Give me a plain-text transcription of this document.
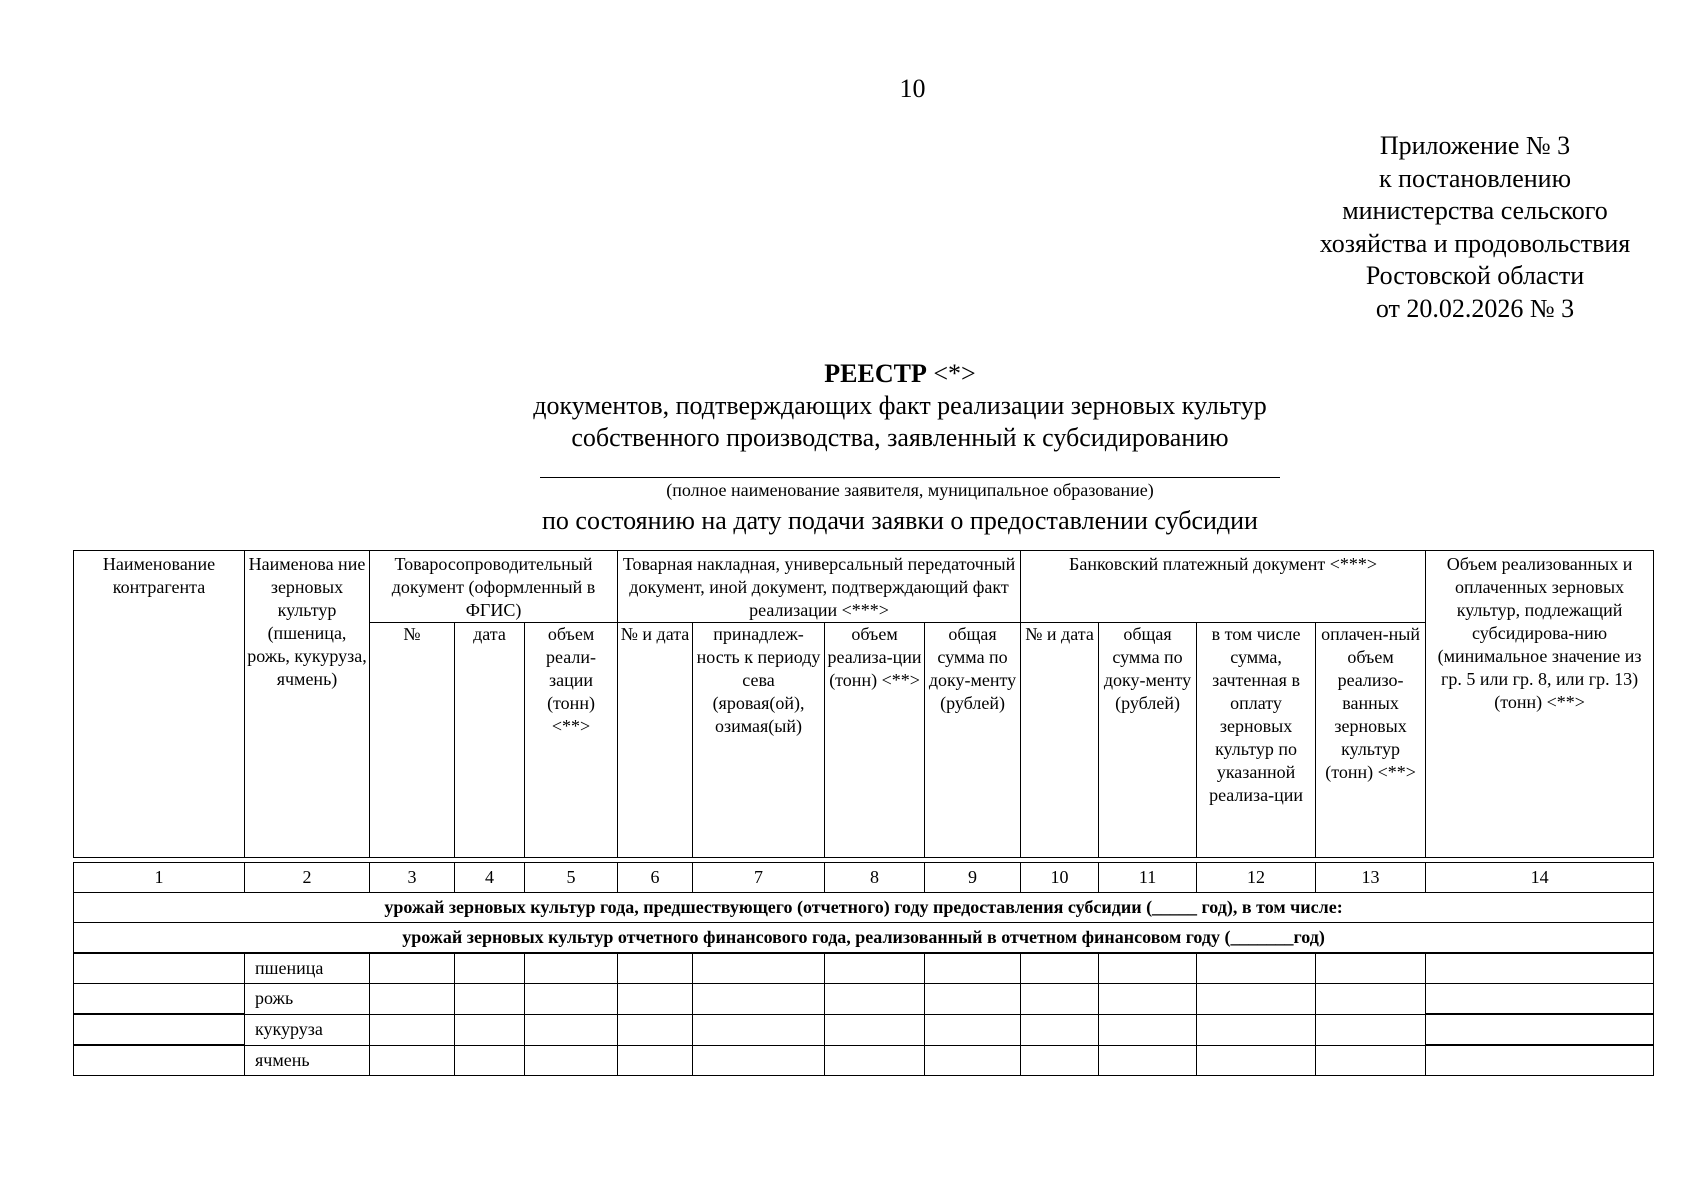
10
Приложение № 3
к постановлению
министерства сельского
хозяйства и продовольствия
Ростовской области
от 20.02.2026 № 3
РЕЕСТР <*>
документов, подтверждающих факт реализации зерновых культур
собственного производства, заявленный к субсидированию
(полное наименование заявителя, муниципальное образование)
по состоянию на дату подачи заявки о предоставлении субсидии
Наименование контрагента	Наименова ние зерновых культур (пшеница, рожь, кукуруза, ячмень)	Товаросопроводительный документ (оформленный в ФГИС)			Товарная накладная, универсальный передаточный документ, иной документ, подтверждающий факт реализации <***>				Банковский платежный документ <***>				Объем реализованных и оплаченных зерновых культур, подлежащий субсидирова-нию (минимальное значение из гр. 5 или гр. 8, или гр. 13) (тонн) <**>
		№	дата	объем реали-зации (тонн) <**>	№ и дата	принадлеж-ность к периоду сева (яровая(ой), озимая(ый)	объем реализа-ции (тонн) <**>	общая сумма по доку-менту (рублей)	№ и дата	общая сумма по доку-менту (рублей)	в том числе сумма, зачтенная в оплату зерновых культур по указанной реализа-ции	оплачен-ный объем реализо-ванных зерновых культур (тонн) <**>	

1	2	3	4	5	6	7	8	9	10	11	12	13	14
урожай зерновых культур года, предшествующего (отчетного) году предоставления субсидии (_____ год), в том числе:													
урожай зерновых культур отчетного финансового года, реализованный в отчетном финансовом году (_______год)													
	пшеница												
	рожь												
	кукуруза												
	ячмень												
